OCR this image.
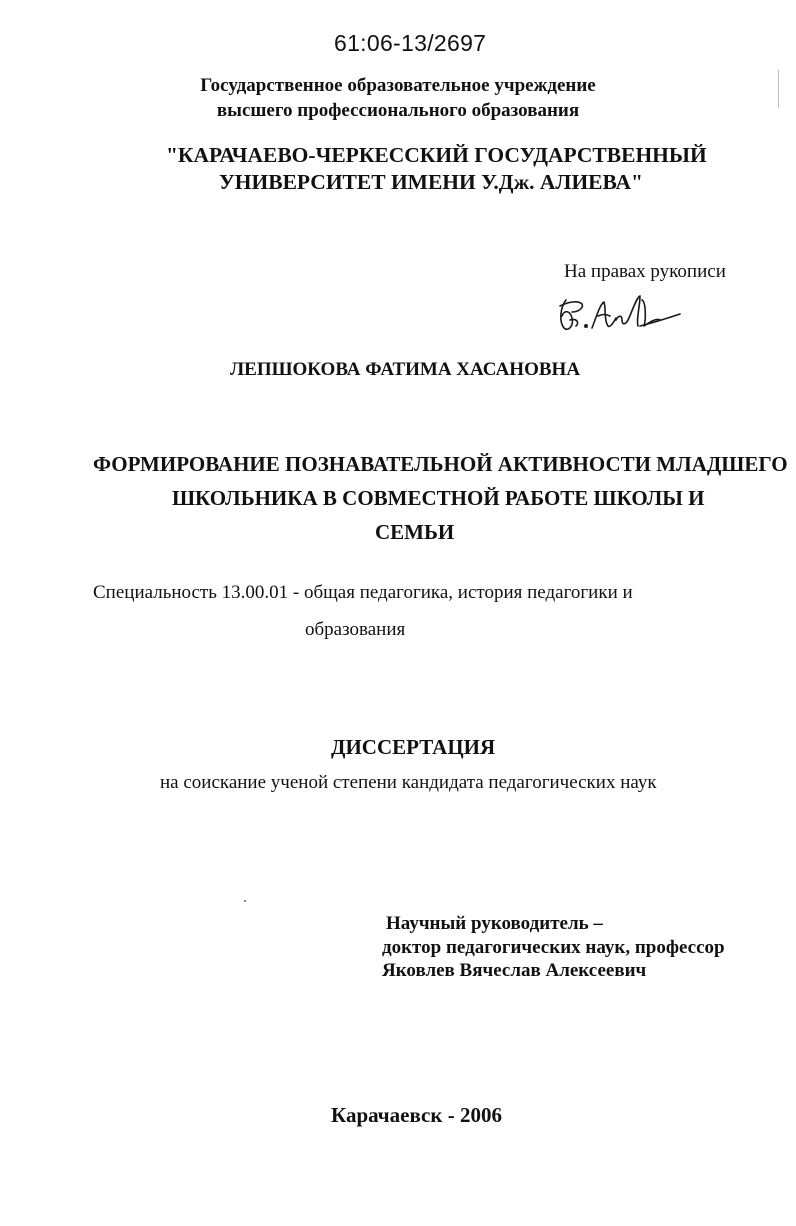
61:06-13/2697
Государственное образовательное учреждение
высшего профессионального образования
"КАРАЧАЕВО-ЧЕРКЕССКИЙ ГОСУДАРСТВЕННЫЙ
УНИВЕРСИТЕТ ИМЕНИ У.Дж. АЛИЕВА"
На правах рукописи
ЛЕПШОКОВА ФАТИМА ХАСАНОВНА
ФОРМИРОВАНИЕ ПОЗНАВАТЕЛЬНОЙ АКТИВНОСТИ МЛАДШЕГО
ШКОЛЬНИКА В СОВМЕСТНОЙ РАБОТЕ ШКОЛЫ И
СЕМЬИ
Специальность 13.00.01 - общая педагогика, история педагогики и
образования
ДИССЕРТАЦИЯ
на соискание ученой степени кандидата педагогических наук
Научный руководитель –
доктор педагогических наук, профессор
Яковлев Вячеслав Алексеевич
Карачаевск - 2006
